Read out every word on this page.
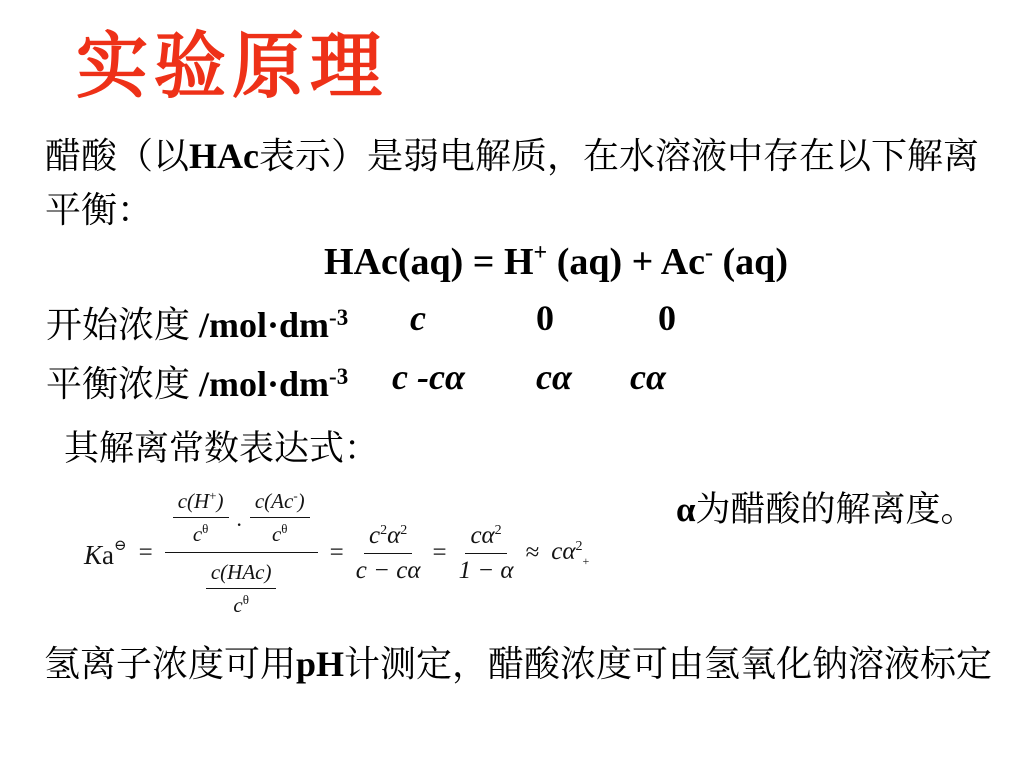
实验原理
醋酸（以HAc表示）是弱电解质，在水溶液中存在以下解离
平衡：
HAc(aq) = H+ (aq) + Ac- (aq)
开始浓度 $/mol\cdot dm^{-3}$ c	0	0
平衡浓度 $/mol\cdot dm^{-3}$ c -cα cα cα
其解离常数表达式：
α为醋酸的解离度。
Ka⊖ =
$\frac{c(H^+)}{c^\theta} \cdot \frac{c(Ac^-)}{c^\theta}$
$\frac{\text{c(HAc)}}{c^\theta}$
= $\frac{c^2\alpha^2}{c - c\alpha} = \frac{c\alpha^2}{1 - \alpha} \approx c\alpha^2_+$
氢离子浓度可用pH计测定，醋酸浓度可由氢氧化钠溶液标定
